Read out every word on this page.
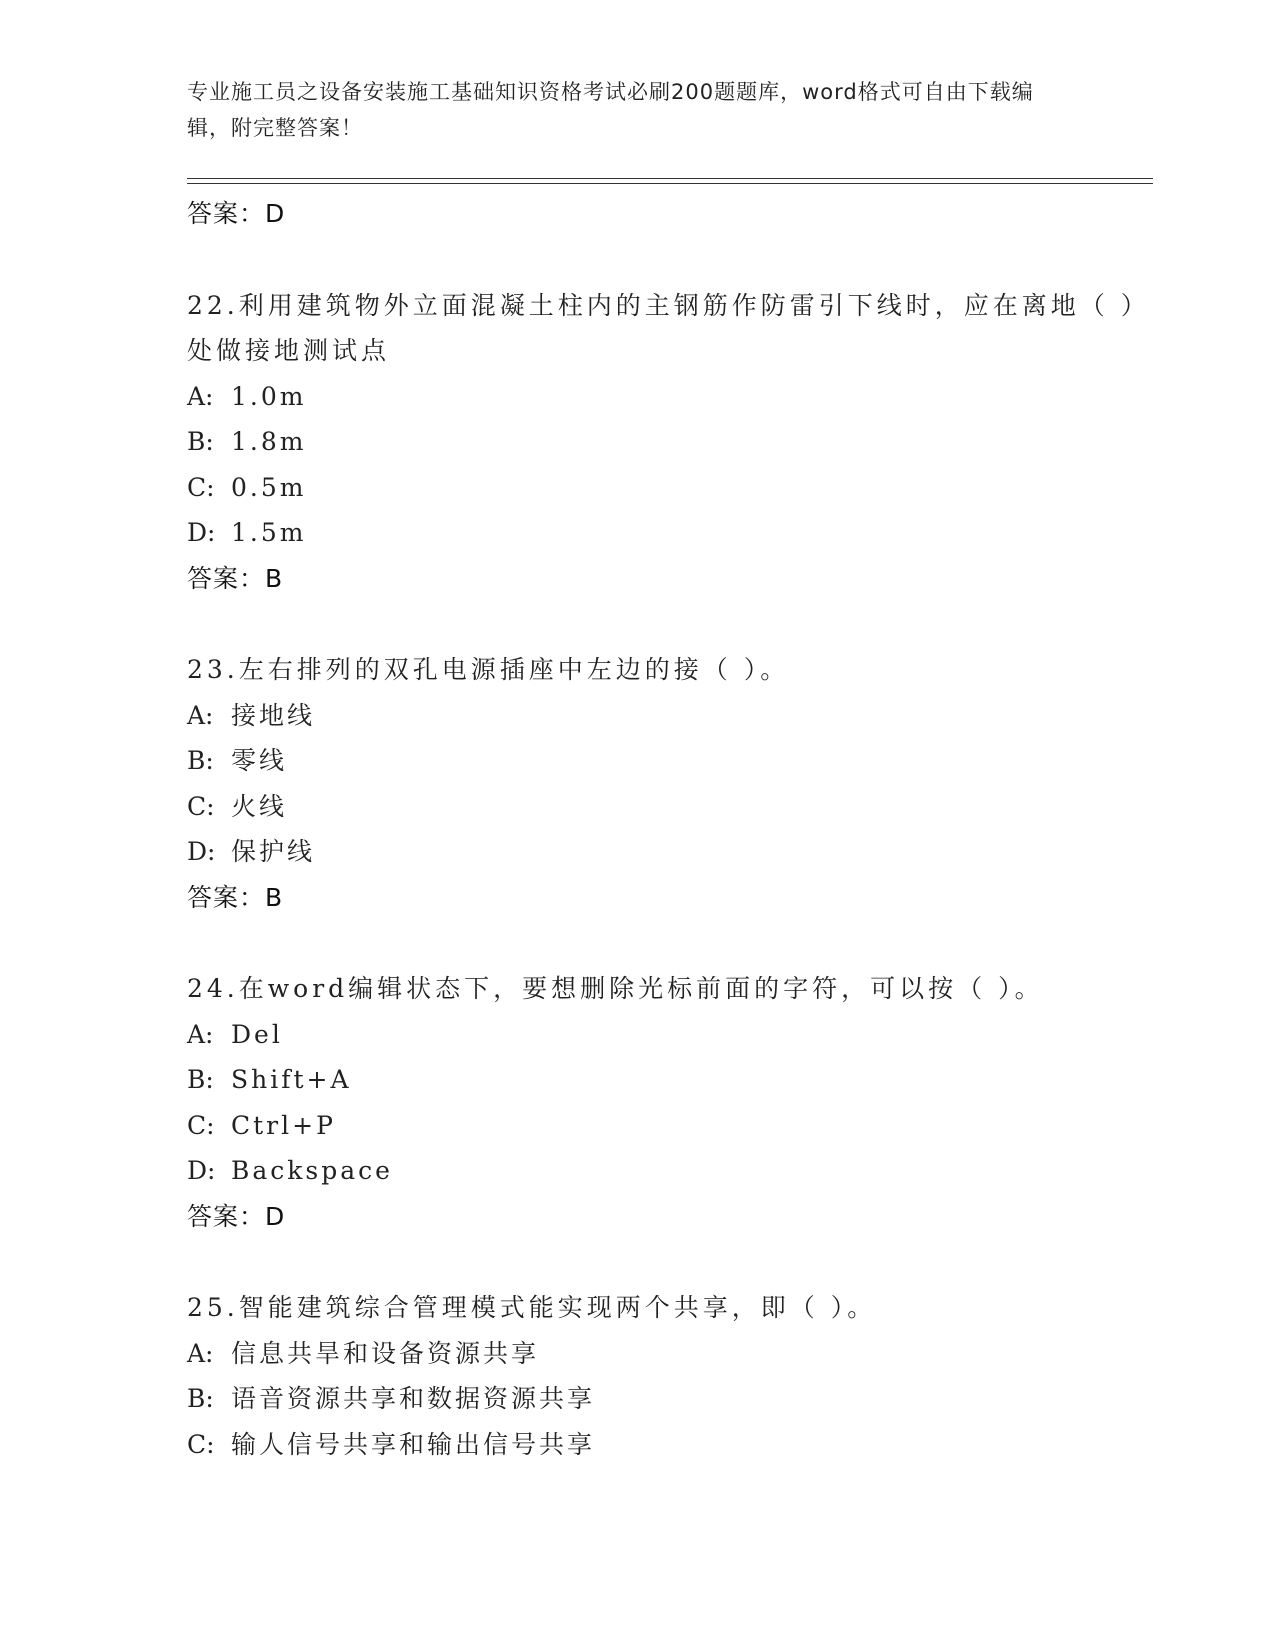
专业施工员之设备安装施工基础知识资格考试必刷200题题库，word格式可自由下载编辑，附完整答案！
答案：D
22.利用建筑物外立面混凝土柱内的主钢筋作防雷引下线时，应在离地（ ）处做接地测试点
A: 1.0m
B: 1.8m
C: 0.5m
D: 1.5m
答案：B
23.左右排列的双孔电源插座中左边的接（ ）。
A: 接地线
B: 零线
C: 火线
D: 保护线
答案：B
24.在word编辑状态下，要想删除光标前面的字符，可以按（ ）。
A: Del
B: Shift+A
C: Ctrl+P
D: Backspace
答案：D
25.智能建筑综合管理模式能实现两个共享，即（ ）。
A: 信息共旱和设备资源共享
B: 语音资源共享和数据资源共享
C: 输人信号共享和输出信号共享
